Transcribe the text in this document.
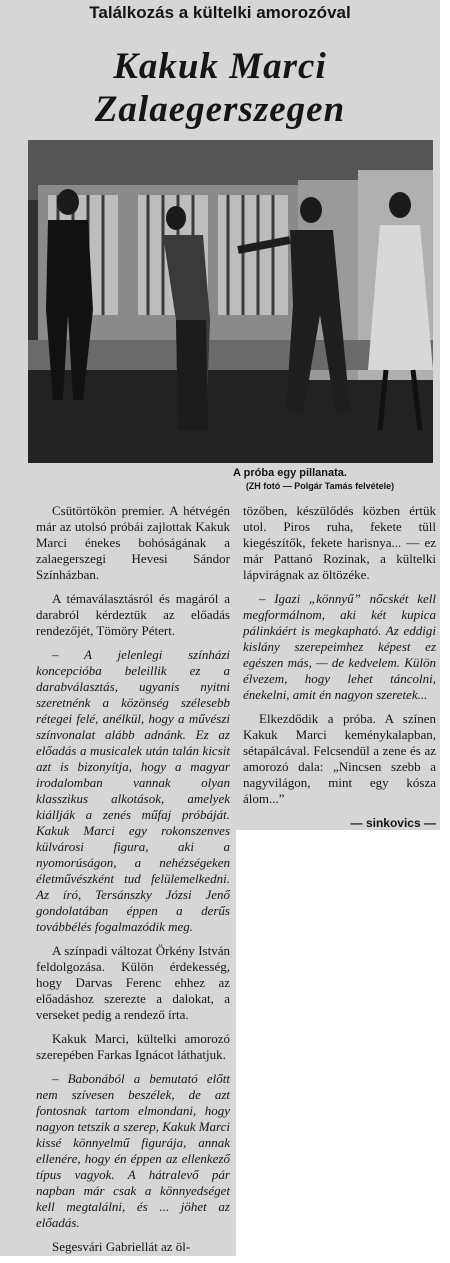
Találkozás a kültelki amorozóval
Kakuk Marci
Zalaegerszegen
A próba egy pillanata.
(ZH fotó — Polgár Tamás felvétele)

Csütörtökön premier. A hétvégén már az utolsó próbái zajlottak Kakuk Marci énekes bohóságának a zalaegerszegi Hevesi Sándor Színházban.

A témaválasztásról és magáról a darabról kérdeztük az előadás rendezőjét, Tömöry Pétert.

– A jelenlegi színházi koncepcióba beleillik ez a darabválasztás, ugyanis nyitni szeretnénk a közönség szélesebb rétegei felé, anélkül, hogy a művészi színvonalat alább adnánk. Ez az előadás a musicalek után talán kicsit azt is bizonyítja, hogy a magyar irodalomban vannak olyan klasszikus alkotások, amelyek kiállják a zenés műfaj próbáját. Kakuk Marci egy rokonszenves külvárosi figura, aki a nyomorúságon, a nehézségeken életművészként tud felülemelkedni. Az író, Tersánszky Józsi Jenő gondolatában éppen a derűs továbbélés fogalmazódik meg.

A színpadi változat Örkény István feldolgozása. Külön érdekesség, hogy Darvas Ferenc ehhez az előadáshoz szerezte a dalokat, a verseket pedig a rendező írta.

Kakuk Marci, kültelki amorozó szerepében Farkas Ignácot láthatjuk.

– Babonából a bemutató előtt nem szívesen beszélek, de azt fontosnak tartom elmondani, hogy nagyon tetszik a szerep, Kakuk Marci kissé könnyelmű figurája, annak ellenére, hogy én éppen az ellenkező típus vagyok. A hátralevő pár napban már csak a könnyedséget kell megtalálni, és ... jöhet az előadás.

Segesvári Gabriellát az öl-

tözőben, készülődés közben értük utol. Piros ruha, fekete tüll kiegészítők, fekete harisnya... — ez már Pattanó Rozinak, a kültelki lápvirágnak az öltözéke.

– Igazi „könnyű” nőcskét kell megformálnom, aki két kupica pálinkáért is megkapható. Az eddigi kislány szerepeimhez képest ez egészen más, — de kedvelem. Külön élvezem, hogy lehet táncolni, énekelni, amit én nagyon szeretek...

Elkezdődik a próba. A színen Kakuk Marci keménykalapban, sétapálcával. Felcsendül a zene és az amorozó dala: „Nincsen szebb a nagyvilágon, mint egy kósza álom...”

— sinkovics —
